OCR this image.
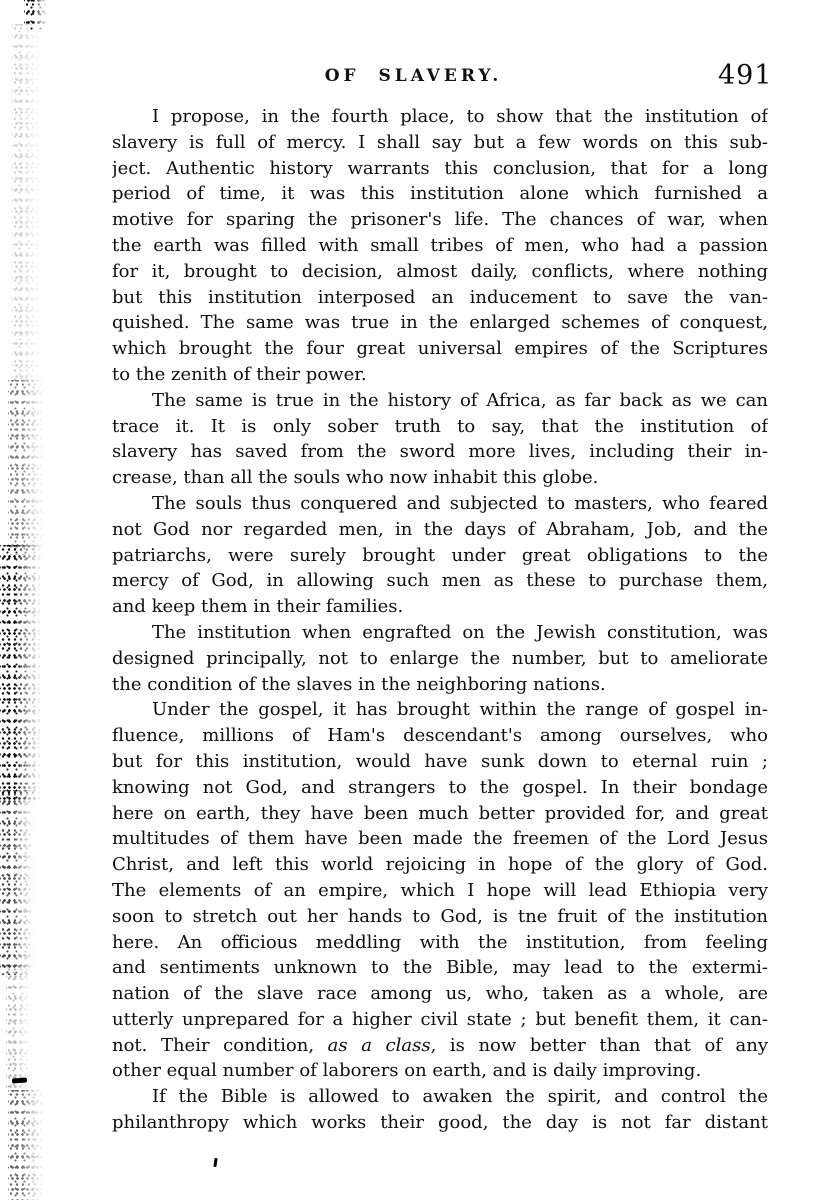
OF SLAVERY.	491
I propose, in the fourth place, to show that the institution of
slavery is full of mercy. I shall say but a few words on this sub-
ject. Authentic history warrants this conclusion, that for a long
period of time, it was this institution alone which furnished a
motive for sparing the prisoner's life. The chances of war, when
the earth was filled with small tribes of men, who had a passion
for it, brought to decision, almost daily, conflicts, where nothing
but this institution interposed an inducement to save the van-
quished. The same was true in the enlarged schemes of conquest,
which brought the four great universal empires of the Scriptures
to the zenith of their power.
The same is true in the history of Africa, as far back as we can
trace it. It is only sober truth to say, that the institution of
slavery has saved from the sword more lives, including their in-
crease, than all the souls who now inhabit this globe.
The souls thus conquered and subjected to masters, who feared
not God nor regarded men, in the days of Abraham, Job, and the
patriarchs, were surely brought under great obligations to the
mercy of God, in allowing such men as these to purchase them,
and keep them in their families.
The institution when engrafted on the Jewish constitution, was
designed principally, not to enlarge the number, but to ameliorate
the condition of the slaves in the neighboring nations.
Under the gospel, it has brought within the range of gospel in-
fluence, millions of Ham's descendant's among ourselves, who
but for this institution, would have sunk down to eternal ruin ;
knowing not God, and strangers to the gospel. In their bondage
here on earth, they have been much better provided for, and great
multitudes of them have been made the freemen of the Lord Jesus
Christ, and left this world rejoicing in hope of the glory of God.
The elements of an empire, which I hope will lead Ethiopia very
soon to stretch out her hands to God, is tne fruit of the institution
here. An officious meddling with the institution, from feeling
and sentiments unknown to the Bible, may lead to the extermi-
nation of the slave race among us, who, taken as a whole, are
utterly unprepared for a higher civil state ; but benefit them, it can-
not. Their condition, as a class, is now better than that of any
other equal number of laborers on earth, and is daily improving.
If the Bible is allowed to awaken the spirit, and control the
philanthropy which works their good, the day is not far distant
